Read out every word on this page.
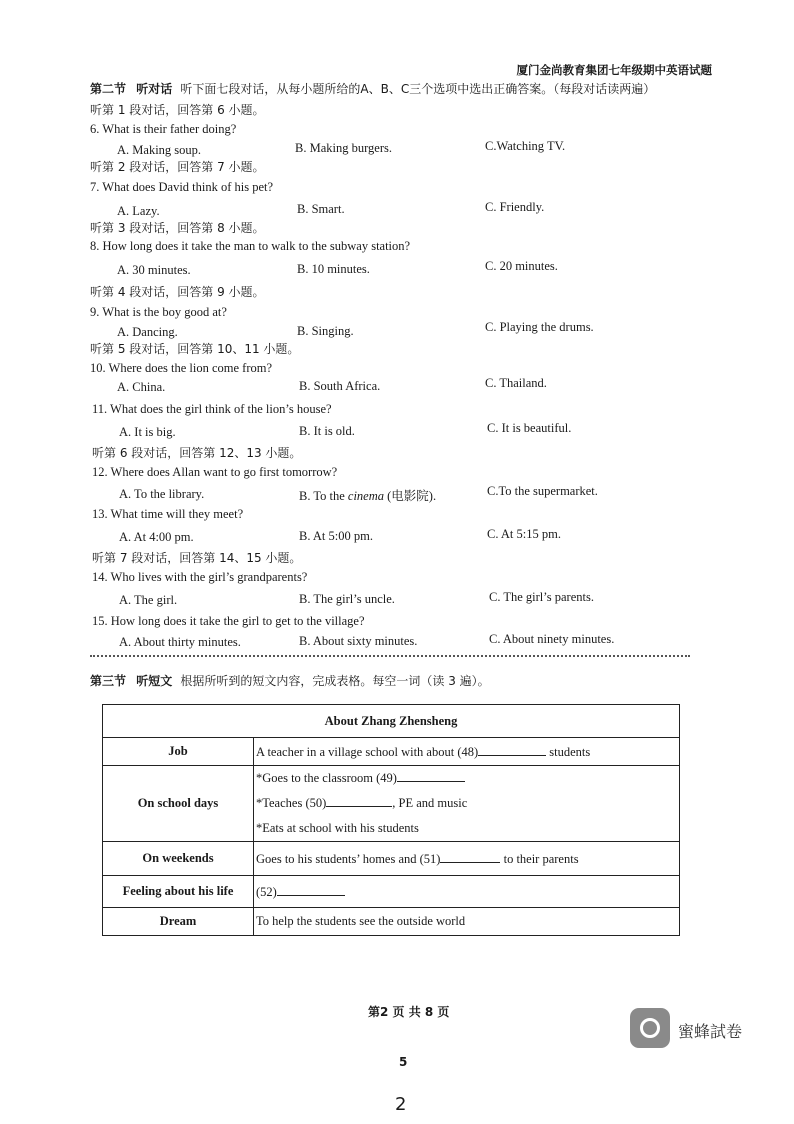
厦门金尚教育集团七年级期中英语试题
第二节 听对话 听下面七段对话，从每小题所给的A、B、C三个选项中选出正确答案。（每段对话读两遍）
听第 1 段对话，回答第 6 小题。
6. What is their father doing?
A. Making soup.	B. Making burgers.	C.Watching TV.
听第 2 段对话，回答第 7 小题。
7. What does David think of his pet?
A. Lazy.	B. Smart.	C. Friendly.
听第 3 段对话，回答第 8 小题。
8. How long does it take the man to walk to the subway station?
A. 30 minutes.	B. 10 minutes.	C. 20 minutes.
听第 4 段对话，回答第 9 小题。
9. What is the boy good at?
A. Dancing.	B. Singing.	C. Playing the drums.
听第 5 段对话，回答第 10、11 小题。
10. Where does the lion come from?
A. China.	B. South Africa.	C. Thailand.
11. What does the girl think of the lion’s house?
A. It is big.	B. It is old.	C. It is beautiful.
听第 6 段对话，回答第 12、13 小题。
12. Where does Allan want to go first tomorrow?
A. To the library.	B. To the cinema (电影院).	C.To the supermarket.
13. What time will they meet?
A. At 4:00 pm.	B. At 5:00 pm.	C. At 5:15 pm.
听第 7 段对话，回答第 14、15 小题。
14. Who lives with the girl’s grandparents?
A. The girl.	B. The girl’s uncle.	C. The girl’s parents.
15. How long does it take the girl to get to the village?
A. About thirty minutes.	B. About sixty minutes.	C. About ninety minutes.
第三节 听短文 根据所听到的短文内容，完成表格。每空一词（读 3 遍）。
About Zhang Zhensheng	
Job	A teacher in a village school with about (48) students
On school days	*Goes to the classroom (49)
*Teaches (50) , PE and music
*Eats at school with his students

On weekends	Goes to his students’ homes and (51) to their parents
Feeling about his life	(52)
Dream	To help the students see the outside world
第2 页 共 8 页
蜜蜂試卷
5
2
